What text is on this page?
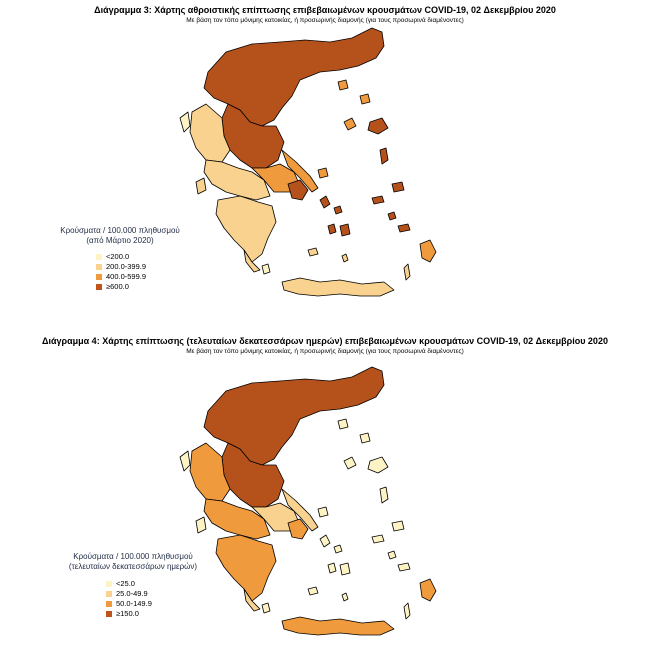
Διάγραμμα 3: Χάρτης αθροιστικής επίπτωσης επιβεβαιωμένων κρουσμάτων COVID-19, 02 Δεκεμβρίου 2020
Με βάση τον τόπο μόνιμης κατοικίας, ή προσωρινής διαμονής (για τους προσωρινά διαμένοντες)
Κρούσματα / 100.000 πληθυσμού
(από Μάρτιο 2020)
<200.0
200.0-399.9
400.0-599.9
≥600.0
Διάγραμμα 4: Χάρτης επίπτωσης (τελευταίων δεκατεσσάρων ημερών) επιβεβαιωμένων κρουσμάτων COVID-19, 02 Δεκεμβρίου 2020
Με βάση τον τόπο μόνιμης κατοικίας, ή προσωρινής διαμονής (για τους προσωρινά διαμένοντες)
Κρούσματα / 100.000 πληθυσμού
(τελευταίων δεκατεσσάρων ημερών)
<25.0
25.0-49.9
50.0-149.9
≥150.0
